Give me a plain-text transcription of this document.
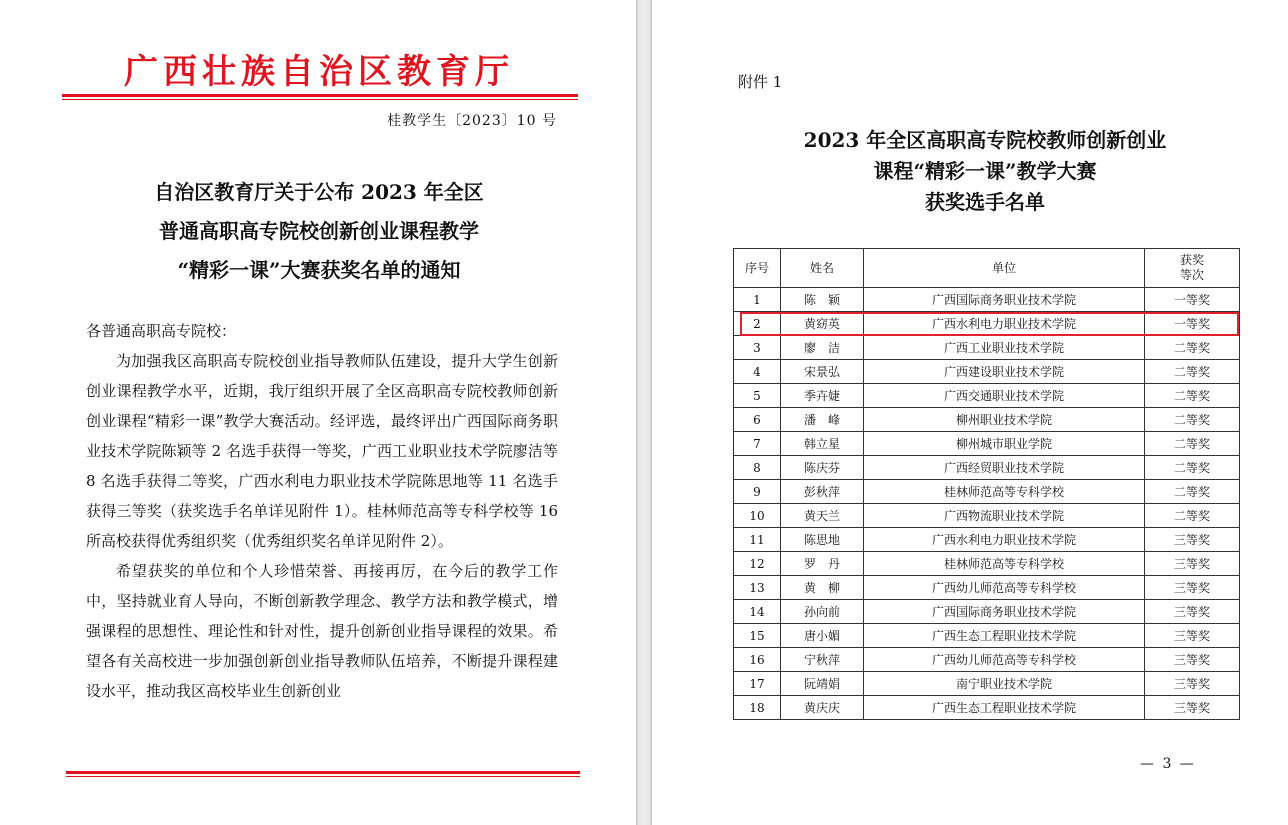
广西壮族自治区教育厅
桂教学生〔2023〕10 号
自治区教育厅关于公布 2023 年全区
普通高职高专院校创新创业课程教学
“精彩一课”大赛获奖名单的通知

各普通高职高专院校：

为加强我区高职高专院校创业指导教师队伍建设，提升大学生创新创业课程教学水平，近期，我厅组织开展了全区高职高专院校教师创新创业课程“精彩一课”教学大赛活动。经评选，最终评出广西国际商务职业技术学院陈颖等 2 名选手获得一等奖，广西工业职业技术学院廖洁等 8 名选手获得二等奖，广西水利电力职业技术学院陈思地等 11 名选手获得三等奖（获奖选手名单详见附件 1）。桂林师范高等专科学校等 16 所高校获得优秀组织奖（优秀组织奖名单详见附件 2）。

希望获奖的单位和个人珍惜荣誉、再接再厉，在今后的教学工作中，坚持就业育人导向，不断创新教学理念、教学方法和教学模式，增强课程的思想性、理论性和针对性，提升创新创业指导课程的效果。希望各有关高校进一步加强创新创业指导教师队伍培养，不断提升课程建设水平，推动我区高校毕业生创新创业

附件 1
2023 年全区高职高专院校教师创新创业
课程“精彩一课”教学大赛
获奖选手名单
序号	姓名	单位	获奖
等次
1	陈　颖	广西国际商务职业技术学院	一等奖
2	黄窈英	广西水利电力职业技术学院	一等奖
3	廖　洁	广西工业职业技术学院	二等奖
4	宋景弘	广西建设职业技术学院	二等奖
5	季卉婕	广西交通职业技术学院	二等奖
6	潘　峰	柳州职业技术学院	二等奖
7	韩立星	柳州城市职业学院	二等奖
8	陈庆芬	广西经贸职业技术学院	二等奖
9	彭秋萍	桂林师范高等专科学校	二等奖
10	黄天兰	广西物流职业技术学院	二等奖
11	陈思地	广西水利电力职业技术学院	三等奖
12	罗　丹	桂林师范高等专科学校	三等奖
13	黄　柳	广西幼儿师范高等专科学校	三等奖
14	孙向前	广西国际商务职业技术学院	三等奖
15	唐小媚	广西生态工程职业技术学院	三等奖
16	宁秋萍	广西幼儿师范高等专科学校	三等奖
17	阮靖娟	南宁职业技术学院	三等奖
18	黄庆庆	广西生态工程职业技术学院	三等奖
— 3 —
